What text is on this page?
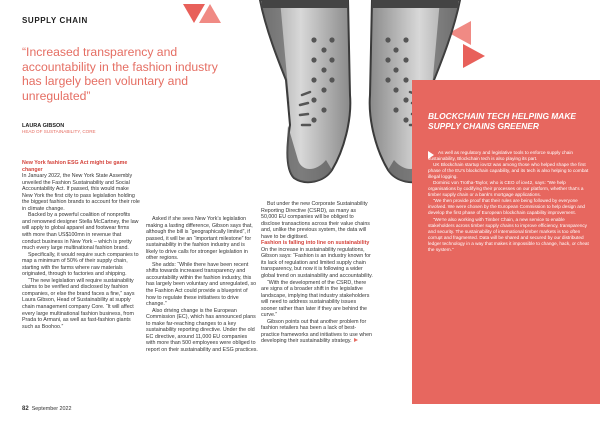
SUPPLY CHAIN
“Increased transparency and accountability in the fashion industry has largely been voluntary and unregulated”
LAURA GIBSON
HEAD OF SUSTAINABILITY, CORE

New York fashion ESG Act might be game changer

In January 2022, the New York State Assembly unveiled the Fashion Sustainability and Social Accountability Act. If passed, this would make New York the first city to pass legislation holding the biggest fashion brands to account for their role in climate change.

Backed by a powerful coalition of nonprofits and renowned designer Stella McCartney, the law will apply to global apparel and footwear firms with more than US$100mn in revenue that conduct business in New York – which is pretty much every large multinational fashion brand.

Specifically, it would require such companies to map a minimum of 50% of their supply chain, starting with the farms where raw materials originated, through to factories and shipping.

“The new legislation will require sustainability claims to be verified and disclosed by fashion companies, or else the brand faces a fine,” says Laura Gibson, Head of Sustainability at supply chain management company Core. “It will affect every large multinational fashion business, from Prada to Armani, as well as fast-fashion giants such as Boohoo.”

Asked if she sees New York’s legislation making a lasting difference, Gibson says that, although the bill is “geographically limited”, if passed, it will be an “important milestone” for sustainability in the fashion industry and is likely to drive calls for stronger legislation in other regions.

She adds: “While there have been recent shifts towards increased transparency and accountability within the fashion industry, this has largely been voluntary and unregulated, so the Fashion Act could provide a blueprint of how to regulate these initiatives to drive change.”

Also driving change is the European Commission (EC), which has announced plans to make far-reaching changes to a key sustainability reporting directive. Under the old EC directive, around 11,000 EU companies with more than 500 employees were obliged to report on their sustainability and ESG practices.

But under the new Corporate Sustainability Reporting Directive (CSRD), as many as 50,000 EU companies will be obliged to disclose transactions across their value chains and, unlike the previous system, the data will have to be digitised.

Fashion is falling into line on sustainability

On the increase in sustainability regulations, Gibson says: “Fashion is an industry known for its lack of regulation and limited supply chain transparency, but now it is following a wider global trend on sustainability and accountability.

“With the development of the CSRD, there are signs of a broader shift in the legislative landscape, implying that industry stakeholders will need to address sustainability issues sooner rather than later if they are behind the curve.”

Gibson points out that another problem for fashion retailers has been a lack of best-practice frameworks and initiatives to use when developing their sustainability strategy.

BLOCKCHAIN TECH HELPING MAKE SUPPLY CHAINS GREENER

As well as regulatory and legislative tools to enforce supply chain sustainability, Blockchain tech is also playing its part.

UK Blockchain startup iov42 was among those who helped shape the first phase of the EU’s blockchain capability, and its tech is also helping to combat illegal logging.

Dominic von Trotha-Taylor, who is CEO of iov42, says: “We help organisations by codifying their processes on our platform, whether that’s a timber supply chain or a bank’s mortgage applications.

“We then provide proof that their rules are being followed by everyone involved. We were chosen by the European Commission to help design and develop the first phase of European blockchain capability improvement.

“We’re also working with Timber Chain, a new service to enable stakeholders across timber supply chains to improve efficiency, transparency and security. The sustainability of international timber markets is too often corrupt and fragmented. Data will be shared and secured by our distributed ledger technology in a way that makes it impossible to change, hack, or cheat the system.”

82 September 2022	sustainabilitymag.com 83
